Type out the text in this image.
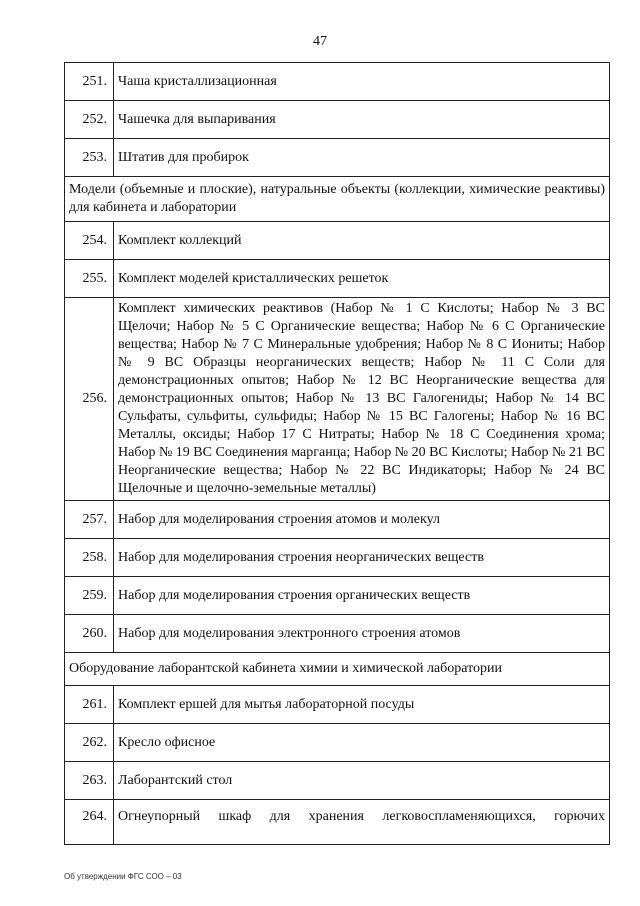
47
251.	Чаша кристаллизационная
252.	Чашечка для выпаривания
253.	Штатив для пробирок
Модели (объемные и плоские), натуральные объекты (коллекции, химические реактивы) для кабинета и лаборатории	
254.	Комплект коллекций
255.	Комплект моделей кристаллических решеток
256.	Комплект химических реактивов (Набор № 1 С Кислоты; Набор № 3 ВС Щелочи; Набор № 5 С Органические вещества; Набор № 6 С Органические вещества; Набор № 7 С Минеральные удобрения; Набор № 8 С Иониты; Набор № 9 ВС Образцы неорганических веществ; Набор № 11 С Соли для демонстрационных опытов; Набор № 12 ВС Неорганические вещества для демонстрационных опытов; Набор № 13 ВС Галогениды; Набор № 14 ВС Сульфаты, сульфиты, сульфиды; Набор № 15 ВС Галогены; Набор № 16 ВС Металлы, оксиды; Набор 17 С Нитраты; Набор № 18 С Соединения хрома; Набор № 19 ВС Соединения марганца; Набор № 20 ВС Кислоты; Набор № 21 ВС Неорганические вещества; Набор № 22 ВС Индикаторы; Набор № 24 ВС Щелочные и щелочно-земельные металлы)
257.	Набор для моделирования строения атомов и молекул
258.	Набор для моделирования строения неорганических веществ
259.	Набор для моделирования строения органических веществ
260.	Набор для моделирования электронного строения атомов
Оборудование лаборантской кабинета химии и химической лаборатории	
261.	Комплект ершей для мытья лабораторной посуды
262.	Кресло офисное
263.	Лаборантский стол
264.	Огнеупорный шкаф для хранения легковоспламеняющихся, горючих
Об утверждении ФГС СОО – 03
